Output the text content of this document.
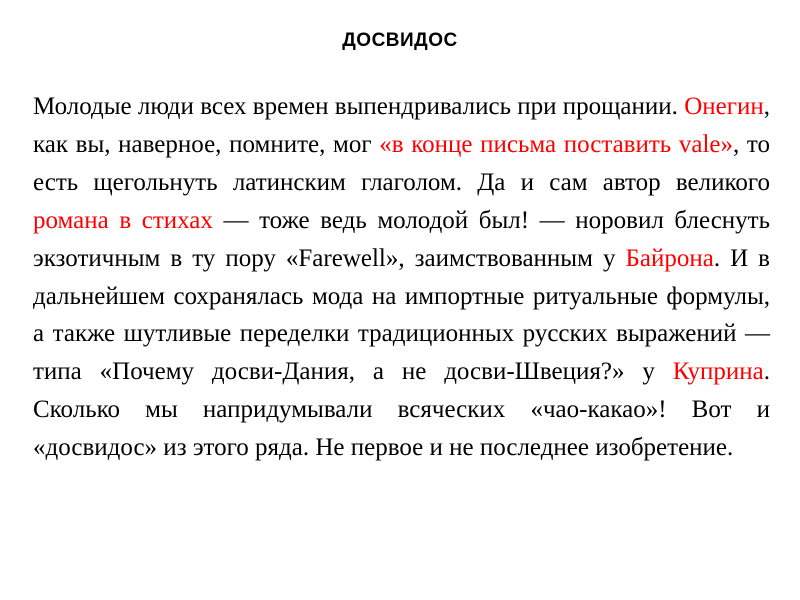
ДОСВИДОС

Молодые люди всех времен выпендривались при прощании. Онегин, как вы, наверное, помните, мог «в конце письма поставить vale», то есть щегольнуть латинским глаголом. Да и сам автор великого романа в стихах — тоже ведь молодой был! — норовил блеснуть экзотичным в ту пору «Farewell», заимствованным у Байрона. И в дальнейшем сохранялась мода на импортные ритуальные формулы, а также шутливые переделки традиционных русских выражений — типа «Почему досви-Дания, а не досви-Швеция?» у Куприна. Сколько мы напридумывали всяческих «чао-какао»! Вот и «досвидос» из этого ряда. Не первое и не последнее изобретение.
